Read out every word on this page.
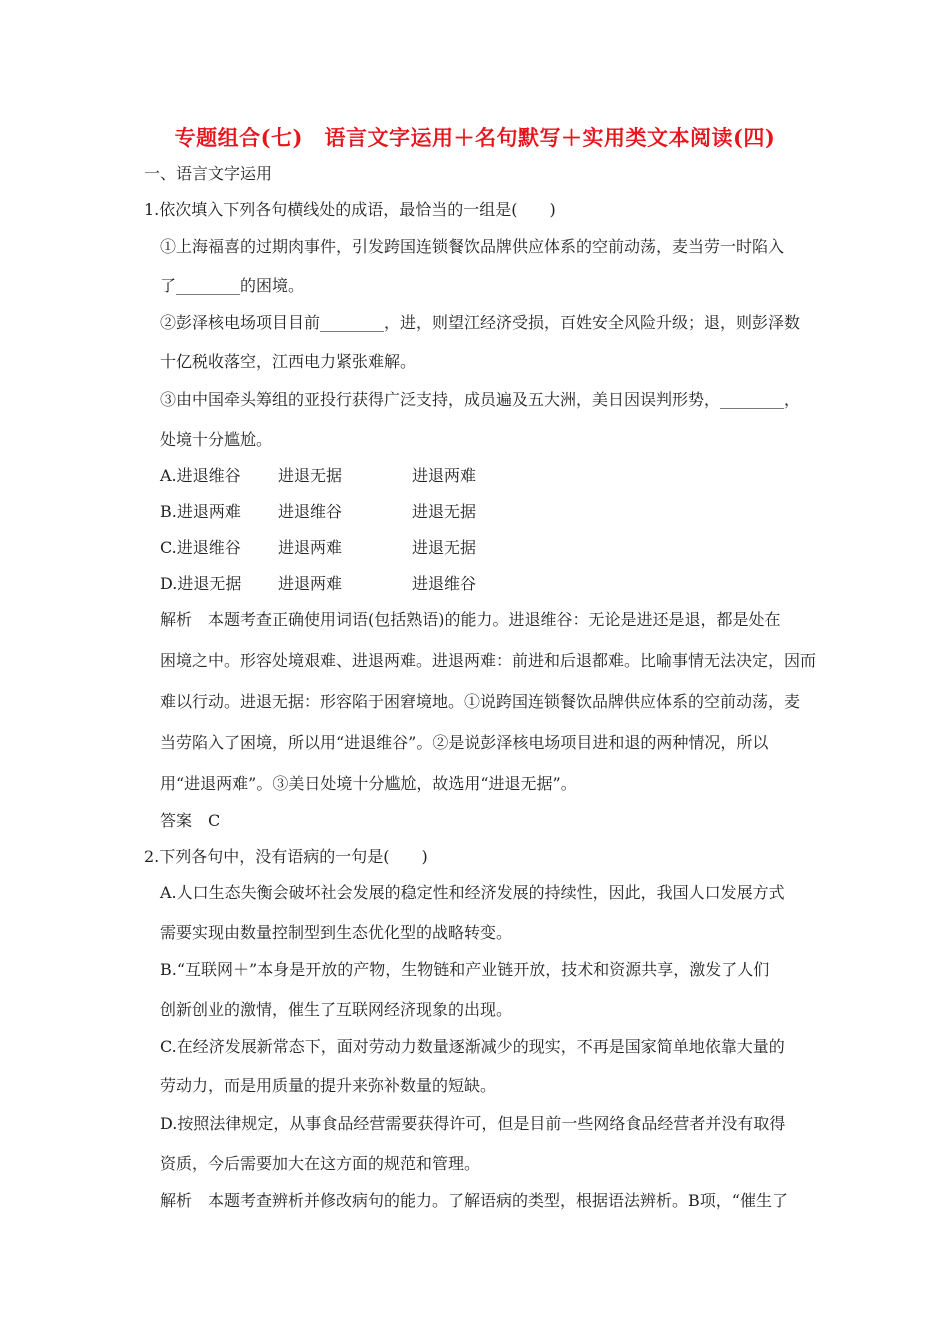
专题组合(七)　语言文字运用＋名句默写＋实用类文本阅读(四)
一、语言文字运用
1.依次填入下列各句横线处的成语，最恰当的一组是(　　)
①上海福喜的过期肉事件，引发跨国连锁餐饮品牌供应体系的空前动荡，麦当劳一时陷入
了________的困境。
②彭泽核电场项目目前________，进，则望江经济受损，百姓安全风险升级；退，则彭泽数
十亿税收落空，江西电力紧张难解。
③由中国牵头筹组的亚投行获得广泛支持，成员遍及五大洲，美日因误判形势，________，
处境十分尴尬。
A.进退维谷 进退无据	进退两难
B.进退两难 进退维谷	进退无据
C.进退维谷 进退两难	进退无据
D.进退无据 进退两难	进退维谷
解析　本题考查正确使用词语(包括熟语)的能力。进退维谷：无论是进还是退，都是处在
困境之中。形容处境艰难、进退两难。进退两难：前进和后退都难。比喻事情无法决定，因而
难以行动。进退无据：形容陷于困窘境地。①说跨国连锁餐饮品牌供应体系的空前动荡，麦
当劳陷入了困境，所以用“进退维谷”。②是说彭泽核电场项目进和退的两种情况，所以
用“进退两难”。③美日处境十分尴尬，故选用“进退无据”。
答案　C
2.下列各句中，没有语病的一句是(　　)
A.人口生态失衡会破坏社会发展的稳定性和经济发展的持续性，因此，我国人口发展方式
需要实现由数量控制型到生态优化型的战略转变。
B.“互联网＋”本身是开放的产物，生物链和产业链开放，技术和资源共享，激发了人们
创新创业的激情，催生了互联网经济现象的出现。
C.在经济发展新常态下，面对劳动力数量逐渐减少的现实，不再是国家简单地依靠大量的
劳动力，而是用质量的提升来弥补数量的短缺。
D.按照法律规定，从事食品经营需要获得许可，但是目前一些网络食品经营者并没有取得
资质，今后需要加大在这方面的规范和管理。
解析　本题考查辨析并修改病句的能力。了解语病的类型，根据语法辨析。B项，“催生了
